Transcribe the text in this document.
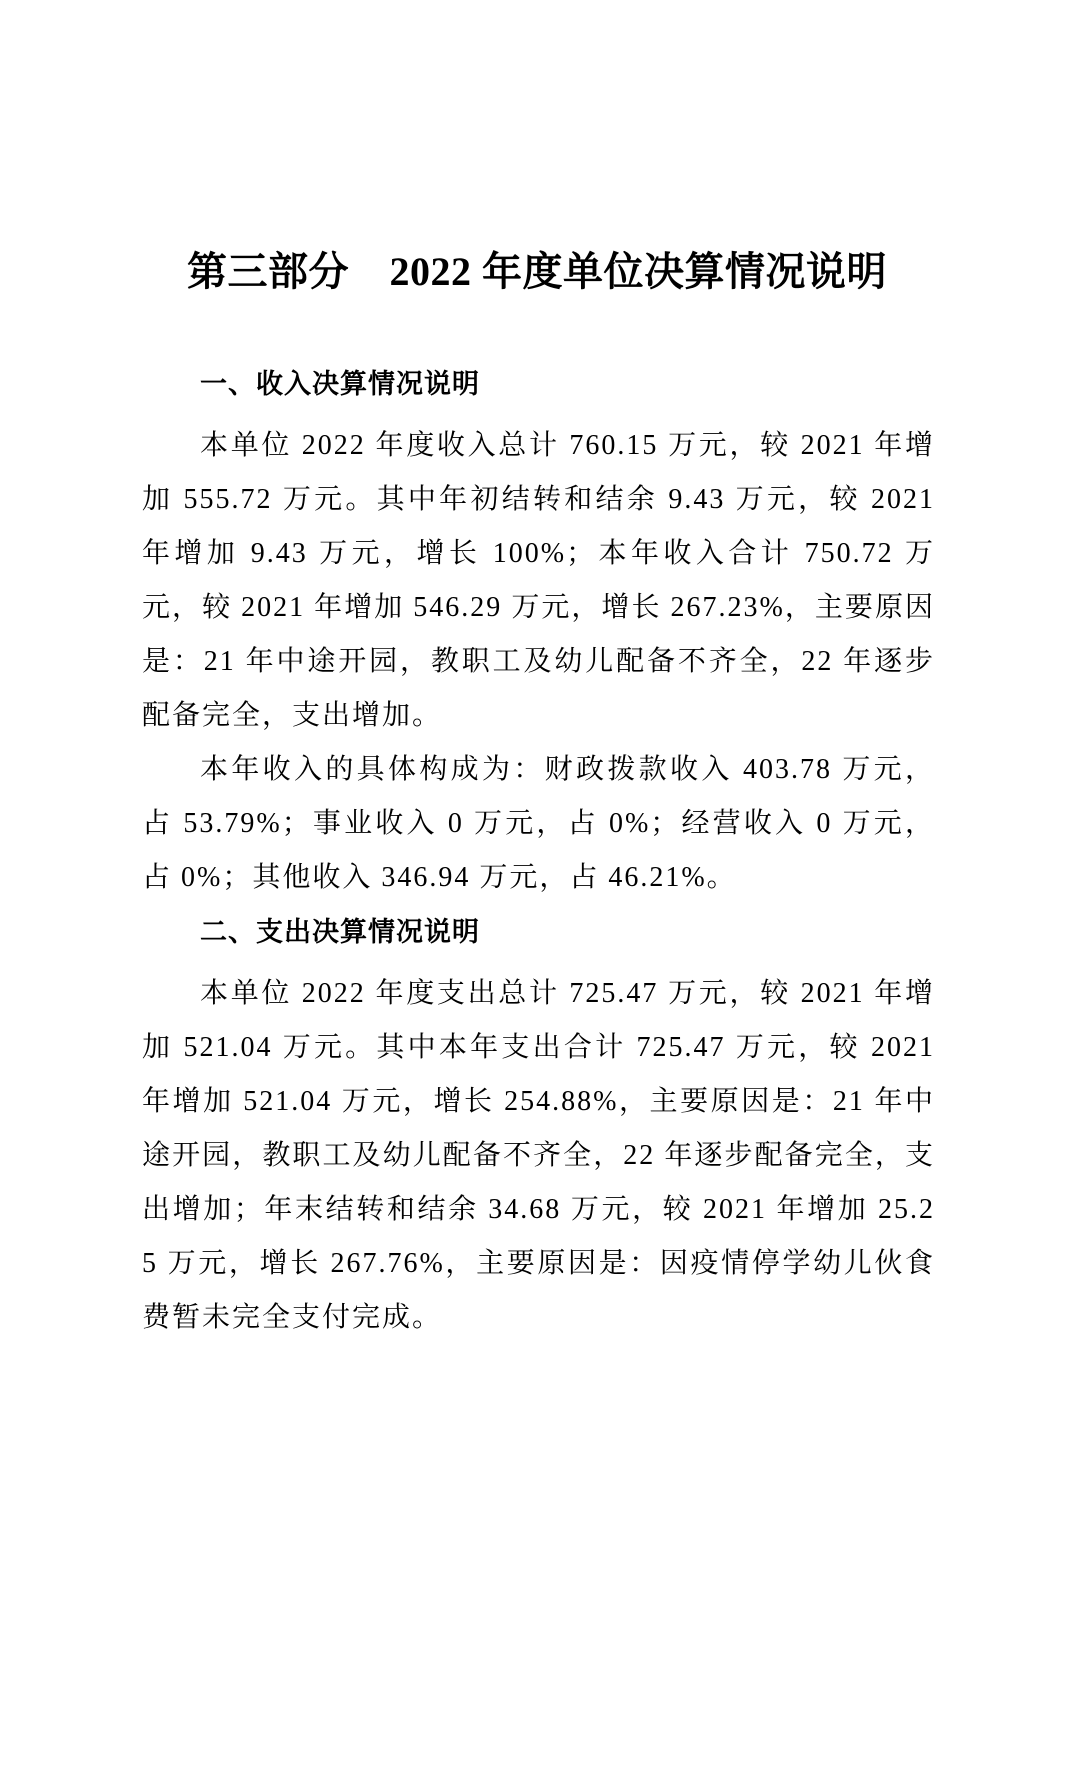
第三部分　2022 年度单位决算情况说明
一、收入决算情况说明

本单位 2022 年度收入总计 760.15 万元，较 2021 年增加 555.72 万元。其中年初结转和结余 9.43 万元，较 2021 年增加 9.43 万元，增长 100%；本年收入合计 750.72 万元，较 2021 年增加 546.29 万元，增长 267.23%，主要原因是：21 年中途开园，教职工及幼儿配备不齐全，22 年逐步配备完全，支出增加。

本年收入的具体构成为：财政拨款收入 403.78 万元，占 53.79%；事业收入 0 万元，占 0%；经营收入 0 万元，占 0%；其他收入 346.94 万元，占 46.21%。

二、支出决算情况说明

本单位 2022 年度支出总计 725.47 万元，较 2021 年增加 521.04 万元。其中本年支出合计 725.47 万元，较 2021 年增加 521.04 万元，增长 254.88%，主要原因是：21 年中途开园，教职工及幼儿配备不齐全，22 年逐步配备完全，支出增加；年末结转和结余 34.68 万元，较 2021 年增加 25.25 万元，增长 267.76%，主要原因是：因疫情停学幼儿伙食费暂未完全支付完成。
